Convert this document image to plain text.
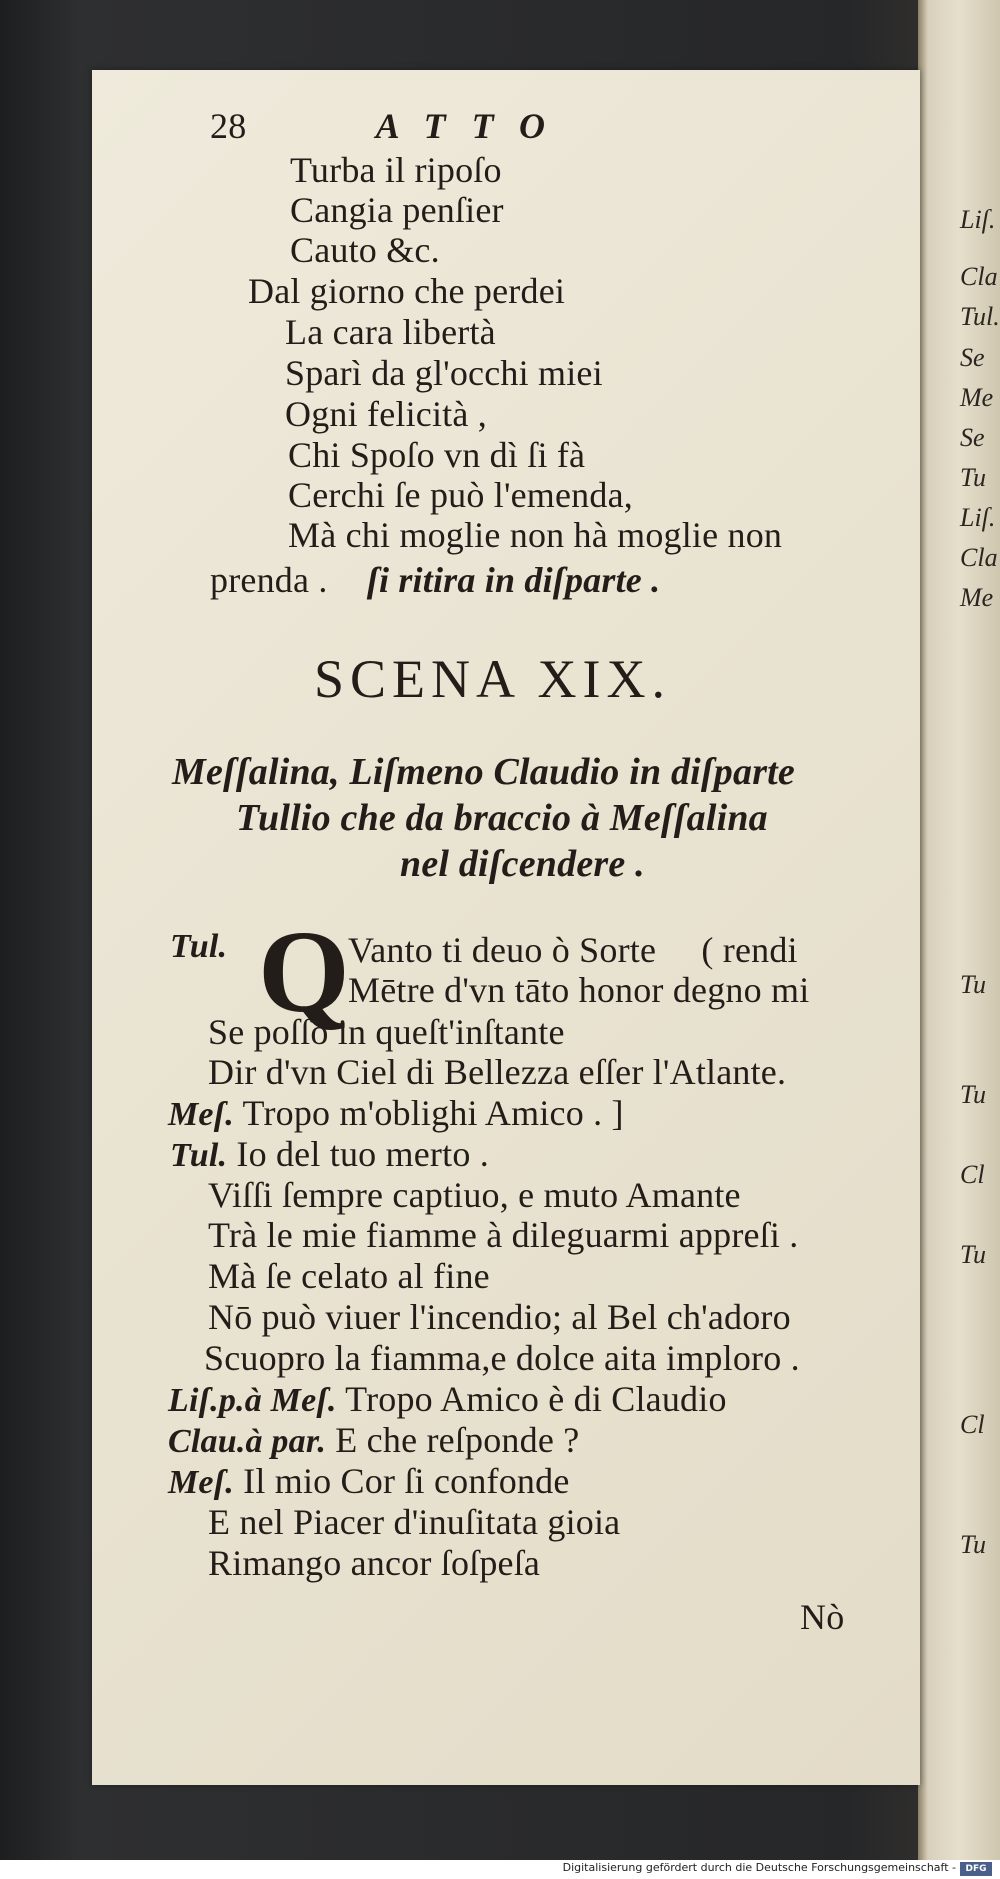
Liſ.
Cla
Tul.
Se
Me
Se
Tu
Liſ.
Cla
Me
Tu
Tu
Cl
Tu
Cl
Tu
28	ATTO
Turba il ripoſo
Cangia penſier
Cauto &c.
Dal giorno che perdei
La cara libertà
Sparì da gl'occhi miei
Ogni felicità ,
Chi Spoſo vn dì ſi fà
Cerchi ſe può l'emenda,
Mà chi moglie non hà moglie non
prenda . ſi ritira in diſparte .
SCENA XIX.
Meſſalina, Liſmeno Claudio in diſparte
Tullio che da braccio à Meſſalina
nel diſcendere .
Tul. Q
Vanto ti deuo ò Sorte ( rendi
Mētre d'vn tāto honor degno mi
Se poſſo in queſt'inſtante
Dir d'vn Ciel di Bellezza eſſer l'Atlante.
Meſ. Tropo m'oblighi Amico . ]
Tul. Io del tuo merto .
Viſſi ſempre captiuo, e muto Amante
Trà le mie fiamme à dileguarmi appreſi .
Mà ſe celato al fine
Nō può viuer l'incendio; al Bel ch'adoro
Scuopro la fiamma,e dolce aita imploro .
Liſ.p.à Meſ. Tropo Amico è di Claudio
Clau.à par. E che reſponde ?
Meſ. Il mio Cor ſi confonde
E nel Piacer d'inuſitata gioia
Rimango ancor ſoſpeſa
Nò
Digitalisierung gefördert durch die Deutsche Forschungsgemeinschaft -	DFG
